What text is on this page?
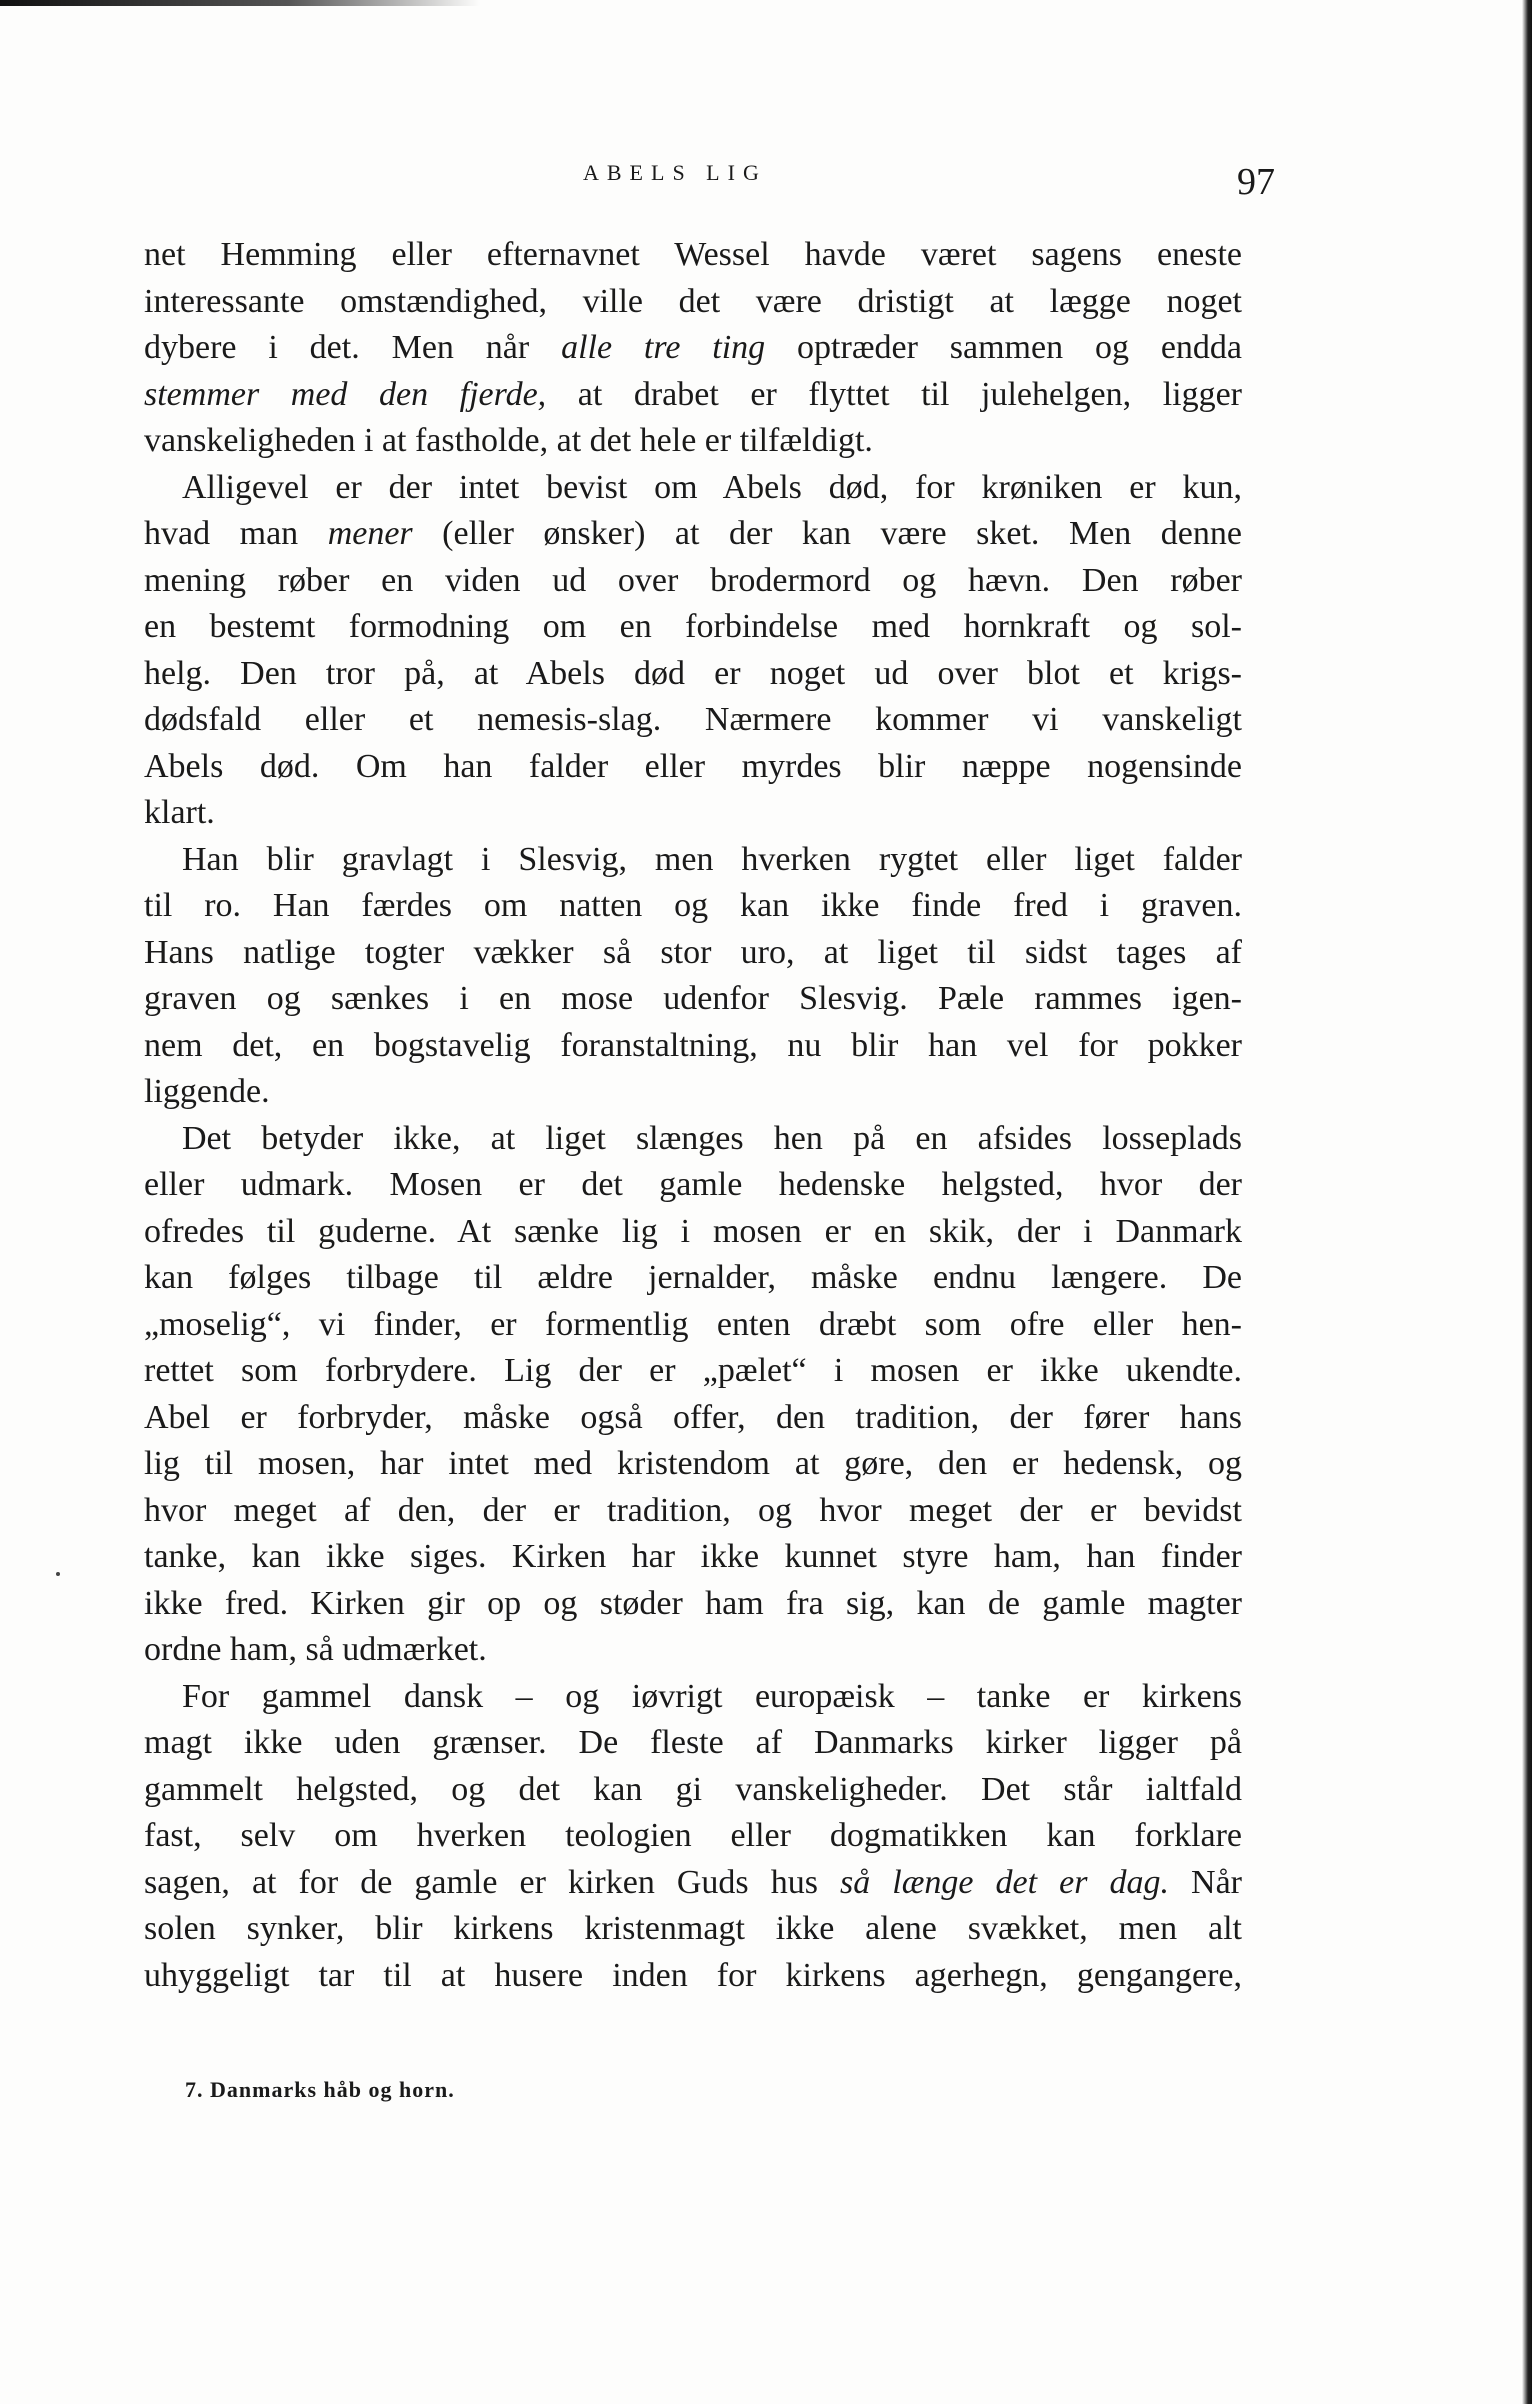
ABELS LIG	97
net Hemming eller efternavnet Wessel havde været sagens eneste
interessante omstændighed, ville det være dristigt at lægge noget
dybere i det. Men når alle tre ting optræder sammen og endda
stemmer med den fjerde, at drabet er flyttet til julehelgen, ligger
vanskeligheden i at fastholde, at det hele er tilfældigt.
Alligevel er der intet bevist om Abels død, for krøniken er kun,
hvad man mener (eller ønsker) at der kan være sket. Men denne
mening røber en viden ud over brodermord og hævn. Den røber
en bestemt formodning om en forbindelse med hornkraft og sol-
helg. Den tror på, at Abels død er noget ud over blot et krigs-
dødsfald eller et nemesis-slag. Nærmere kommer vi vanskeligt
Abels død. Om han falder eller myrdes blir næppe nogensinde
klart.
Han blir gravlagt i Slesvig, men hverken rygtet eller liget falder
til ro. Han færdes om natten og kan ikke finde fred i graven.
Hans natlige togter vækker så stor uro, at liget til sidst tages af
graven og sænkes i en mose udenfor Slesvig. Pæle rammes igen-
nem det, en bogstavelig foranstaltning, nu blir han vel for pokker
liggende.
Det betyder ikke, at liget slænges hen på en afsides losseplads
eller udmark. Mosen er det gamle hedenske helgsted, hvor der
ofredes til guderne. At sænke lig i mosen er en skik, der i Danmark
kan følges tilbage til ældre jernalder, måske endnu længere. De
„moselig“, vi finder, er formentlig enten dræbt som ofre eller hen-
rettet som forbrydere. Lig der er „pælet“ i mosen er ikke ukendte.
Abel er forbryder, måske også offer, den tradition, der fører hans
lig til mosen, har intet med kristendom at gøre, den er hedensk, og
hvor meget af den, der er tradition, og hvor meget der er bevidst
tanke, kan ikke siges. Kirken har ikke kunnet styre ham, han finder
ikke fred. Kirken gir op og støder ham fra sig, kan de gamle magter
ordne ham, så udmærket.
For gammel dansk – og iøvrigt europæisk – tanke er kirkens
magt ikke uden grænser. De fleste af Danmarks kirker ligger på
gammelt helgsted, og det kan gi vanskeligheder. Det står ialtfald
fast, selv om hverken teologien eller dogmatikken kan forklare
sagen, at for de gamle er kirken Guds hus så længe det er dag. Når
solen synker, blir kirkens kristenmagt ikke alene svækket, men alt
uhyggeligt tar til at husere inden for kirkens agerhegn, gengangere,
7. Danmarks håb og horn.
